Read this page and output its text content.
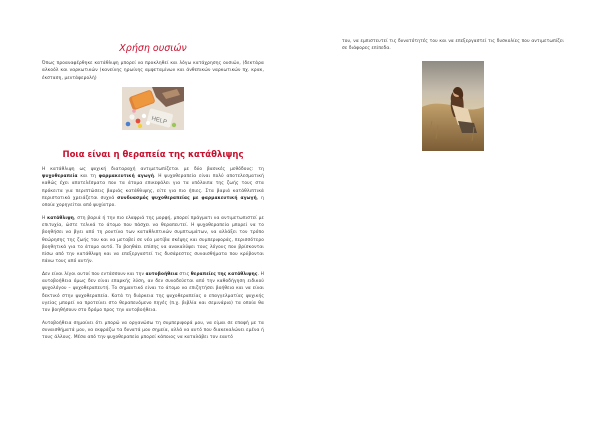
Χρήση ουσιών

Όπως προαναφέρθηκε κατάθλιψη μπορεί να προκληθεί και λόγω κατάχρησης ουσιών, (δεκτάρα αλκοόλ και ναρκωτικών (κανείνης ηρωίνης αμφεταμίνων και άνθεπικών ναρκωτικών πχ. κρακ, έκσταση, μεντάφερολή)

HELP
Ποια είναι η θεραπεία της κατάθλιψης

Η κατάθλιψη ως ψυχική διαταραχή αντιμετωπίζεται με δύο βασικές μεθόδους: τη ψυχοθεραπεία και τη φαρμακευτική αγωγή. Η ψυχοθεραπεία είναι πολύ αποτελεσματική καθώς έχει αποτελέσματα που τα άτομα επικεφάλει για τα υπόλοιπα της ζωής τους στα πρόκειτα για περιπτώσεις βαριάς κατάθλιψης, είτε για πιο ήπιες. Στα βαριά κατάθλιπτικά περιστατικά χρειάζεται συχνά συνδυασμός ψυχοθεραπείας με φαρμακευτική αγωγή, η οποία χορηγείται από ψυχίατρο.

Η κατάθλιψη, στη βαριά ή την πιο ελαφριά της μορφή, μπορεί πράγματι να αντιμετωπιστεί με επιτυχία, ώστε τελικά το άτομο που πάσχει να θεραπευτεί. Η ψυχοθεραπεία μπορεί να το βοηθήσει να βγει από τη ρουτίνα των καταθλιπτικών συμπτωμάτων, να αλλάξει τον τρόπο θεώρησης της ζωής του και να μεταβεί σε νέα μοτίβα σκέψης και συμπεριφοράς, περισσότερο βοηθητικά για το άτομο αυτό. Το βοηθάει επίσης να ανακαλύψει τους λόγους που βρίσκονται πίσω από την κατάθλιψη και να επεξεργαστεί τις δυσάρεστες συναισθήματα που κρύβονται πάνω τους από αυτήν.

Δεν είναι λίγοι αυτοί που εντάσσουν και την αυτοβοήθεια στις θεραπείες της κατάθλιψης. Η αυτοβοήθεια όμως δεν είναι επαρκής λύση, αν δεν συνοδεύεται από την καθοδήγηση ειδικού ψυχολόγου – ψυχοθεραπευτή. Το σημαντικό είναι το άτομο να επιζητήσει βοήθεια και να είναι δεκτικό στην ψυχοθεραπεία. Κατά τη διάρκεια της ψυχοθεραπείας ο επαγγελματίας ψυχικής υγείας μπορεί να προτείνει στο θεραπευόμενο πηγές (π.χ. βιβλία και σεμινάρια) τα οποία θα τον βοηθήσουν στο δρόμο προς την αυτοβοήθεια.

Αυτοβοήθεια σημαίνει ότι μπορώ να οργανώσω τη συμπεριφορά μου, να είμαι σε επαφή με τα συναισθήματά μου, να εκφράζω τα δυνατά μου σημεία, αλλά να αυτό που διακεκαλώνει εμένα ή τους άλλους. Μέσα από την ψυχοθεραπεία μπορεί κάποιος να καταλάβει τον εαυτό

του, να εμπιστευτεί τις δυνατότητές του και να επεξεργαστεί τις δυσκολίες που αντιμετωπίζει σε διάφορες επίπεδα.
